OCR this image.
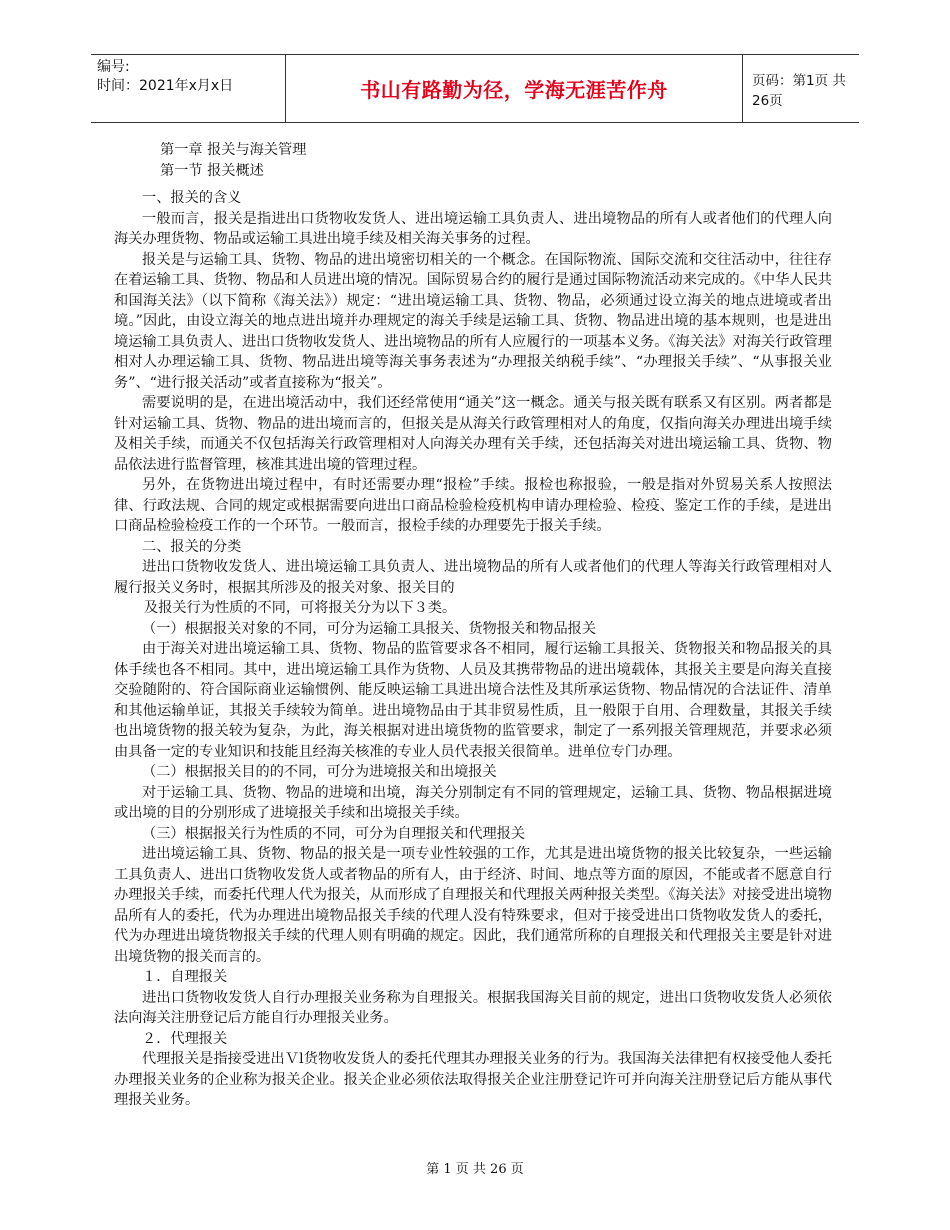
编号:
时间：2021年x月x日	书山有路勤为径，学海无涯苦作舟	页码：第1页 共26页

第一章 报关与海关管理

第一节 报关概述

一、报关的含义

一般而言，报关是指进出口货物收发货人、进出境运输工具负责人、进出境物品的所有人或者他们的代理人向海关办理货物、物品或运输工具进出境手续及相关海关事务的过程。

报关是与运输工具、货物、物品的进出境密切相关的一个概念。在国际物流、国际交流和交往活动中，往往存在着运输工具、货物、物品和人员进出境的情况。国际贸易合约的履行是通过国际物流活动来完成的。《中华人民共和国海关法》（以下简称《海关法》）规定：“进出境运输工具、货物、物品，必须通过设立海关的地点进境或者出境。”因此，由设立海关的地点进出境并办理规定的海关手续是运输工具、货物、物品进出境的基本规则，也是进出境运输工具负责人、进出口货物收发货人、进出境物品的所有人应履行的一项基本义务。《海关法》对海关行政管理相对人办理运输工具、货物、物品进出境等海关事务表述为“办理报关纳税手续”、“办理报关手续”、“从事报关业务”、“进行报关活动”或者直接称为“报关”。

需要说明的是，在进出境活动中，我们还经常使用“通关”这一概念。通关与报关既有联系又有区别。两者都是针对运输工具、货物、物品的进出境而言的，但报关是从海关行政管理相对人的角度，仅指向海关办理进出境手续及相关手续，而通关不仅包括海关行政管理相对人向海关办理有关手续，还包括海关对进出境运输工具、货物、物品依法进行监督管理，核准其进出境的管理过程。

另外，在货物进出境过程中，有时还需要办理“报检”手续。报检也称报验，一般是指对外贸易关系人按照法律、行政法规、合同的规定或根据需要向进出口商品检验检疫机构申请办理检验、检疫、鉴定工作的手续，是进出口商品检验检疫工作的一个环节。一般而言，报检手续的办理要先于报关手续。

二、报关的分类

进出口货物收发货人、进出境运输工具负责人、进出境物品的所有人或者他们的代理人等海关行政管理相对人履行报关义务时，根据其所涉及的报关对象、报关目的

及报关行为性质的不同，可将报关分为以下３类。

（一）根据报关对象的不同，可分为运输工具报关、货物报关和物品报关

由于海关对进出境运输工具、货物、物品的监管要求各不相同，履行运输工具报关、货物报关和物品报关的具体手续也各不相同。其中，进出境运输工具作为货物、人员及其携带物品的进出境载体，其报关主要是向海关直接交验随附的、符合国际商业运输惯例、能反映运输工具进出境合法性及其所承运货物、物品情况的合法证件、清单和其他运输单证，其报关手续较为简单。进出境物品由于其非贸易性质，且一般限于自用、合理数量，其报关手续也出境货物的报关较为复杂，为此，海关根据对进出境货物的监管要求，制定了一系列报关管理规范，并要求必须由具备一定的专业知识和技能且经海关核准的专业人员代表报关很简单。进单位专门办理。

（二）根据报关目的的不同，可分为进境报关和出境报关

对于运输工具、货物、物品的进境和出境，海关分别制定有不同的管理规定，运输工具、货物、物品根据进境或出境的目的分别形成了进境报关手续和出境报关手续。

（三）根据报关行为性质的不同，可分为自理报关和代理报关

进出境运输工具、货物、物品的报关是一项专业性较强的工作，尤其是进出境货物的报关比较复杂，一些运输工具负责人、进出口货物收发货人或者物品的所有人，由于经济、时间、地点等方面的原因，不能或者不愿意自行办理报关手续，而委托代理人代为报关，从而形成了自理报关和代理报关两种报关类型。《海关法》对接受进出境物品所有人的委托，代为办理进出境物品报关手续的代理人没有特殊要求，但对于接受进出口货物收发货人的委托，代为办理进出境货物报关手续的代理人则有明确的规定。因此，我们通常所称的自理报关和代理报关主要是针对进出境货物的报关而言的。

１．自理报关

进出口货物收发货人自行办理报关业务称为自理报关。根据我国海关目前的规定，进出口货物收发货人必须依法向海关注册登记后方能自行办理报关业务。

２．代理报关

代理报关是指接受进出Ｖl货物收发货人的委托代理其办理报关业务的行为。我国海关法律把有权接受他人委托办理报关业务的企业称为报关企业。报关企业必须依法取得报关企业注册登记许可并向海关注册登记后方能从事代理报关业务。

第 1 页 共 26 页
